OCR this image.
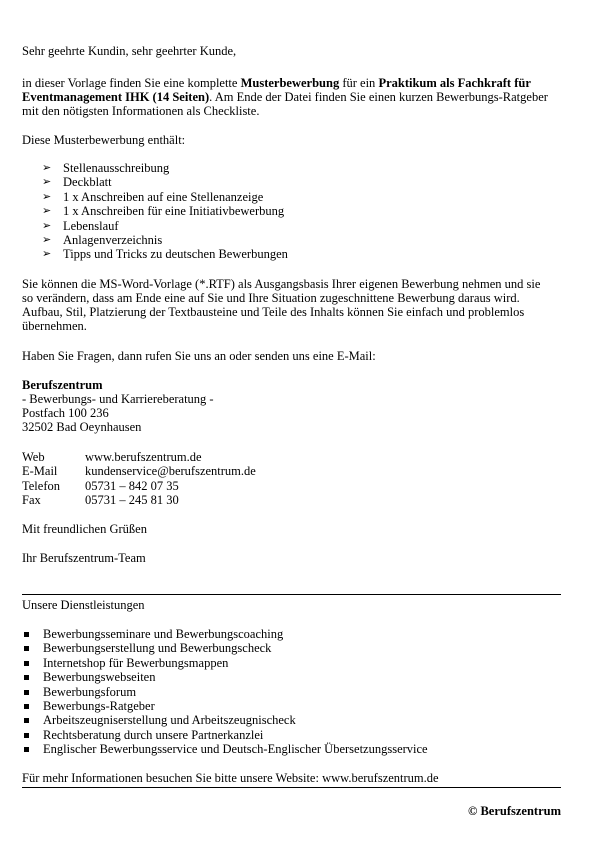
Sehr geehrte Kundin, sehr geehrter Kunde,
in dieser Vorlage finden Sie eine komplette Musterbewerbung für ein Praktikum als Fachkraft für
Eventmanagement IHK (14 Seiten). Am Ende der Datei finden Sie einen kurzen Bewerbungs-Ratgeber
mit den nötigsten Informationen als Checkliste.
Diese Musterbewerbung enthält:
➢ Stellenausschreibung
➢ Deckblatt
➢ 1 x Anschreiben auf eine Stellenanzeige
➢ 1 x Anschreiben für eine Initiativbewerbung
➢ Lebenslauf
➢ Anlagenverzeichnis
➢ Tipps und Tricks zu deutschen Bewerbungen
Sie können die MS-Word-Vorlage (*.RTF) als Ausgangsbasis Ihrer eigenen Bewerbung nehmen und sie
so verändern, dass am Ende eine auf Sie und Ihre Situation zugeschnittene Bewerbung daraus wird.
Aufbau, Stil, Platzierung der Textbausteine und Teile des Inhalts können Sie einfach und problemlos
übernehmen.
Haben Sie Fragen, dann rufen Sie uns an oder senden uns eine E-Mail:
Berufszentrum
- Bewerbungs- und Karriereberatung -
Postfach 100 236
32502 Bad Oeynhausen
Web	www.berufszentrum.de
E-Mail kundenservice@berufszentrum.de
Telefon 05731 – 842 07 35
Fax	05731 – 245 81 30
Mit freundlichen Grüßen
Ihr Berufszentrum-Team
Unsere Dienstleistungen
Bewerbungsseminare und Bewerbungscoaching
Bewerbungserstellung und Bewerbungscheck
Internetshop für Bewerbungsmappen
Bewerbungswebseiten
Bewerbungsforum
Bewerbungs-Ratgeber
Arbeitszeugniserstellung und Arbeitszeugnischeck
Rechtsberatung durch unsere Partnerkanzlei
Englischer Bewerbungsservice und Deutsch-Englischer Übersetzungsservice
Für mehr Informationen besuchen Sie bitte unsere Website: www.berufszentrum.de
© Berufszentrum
